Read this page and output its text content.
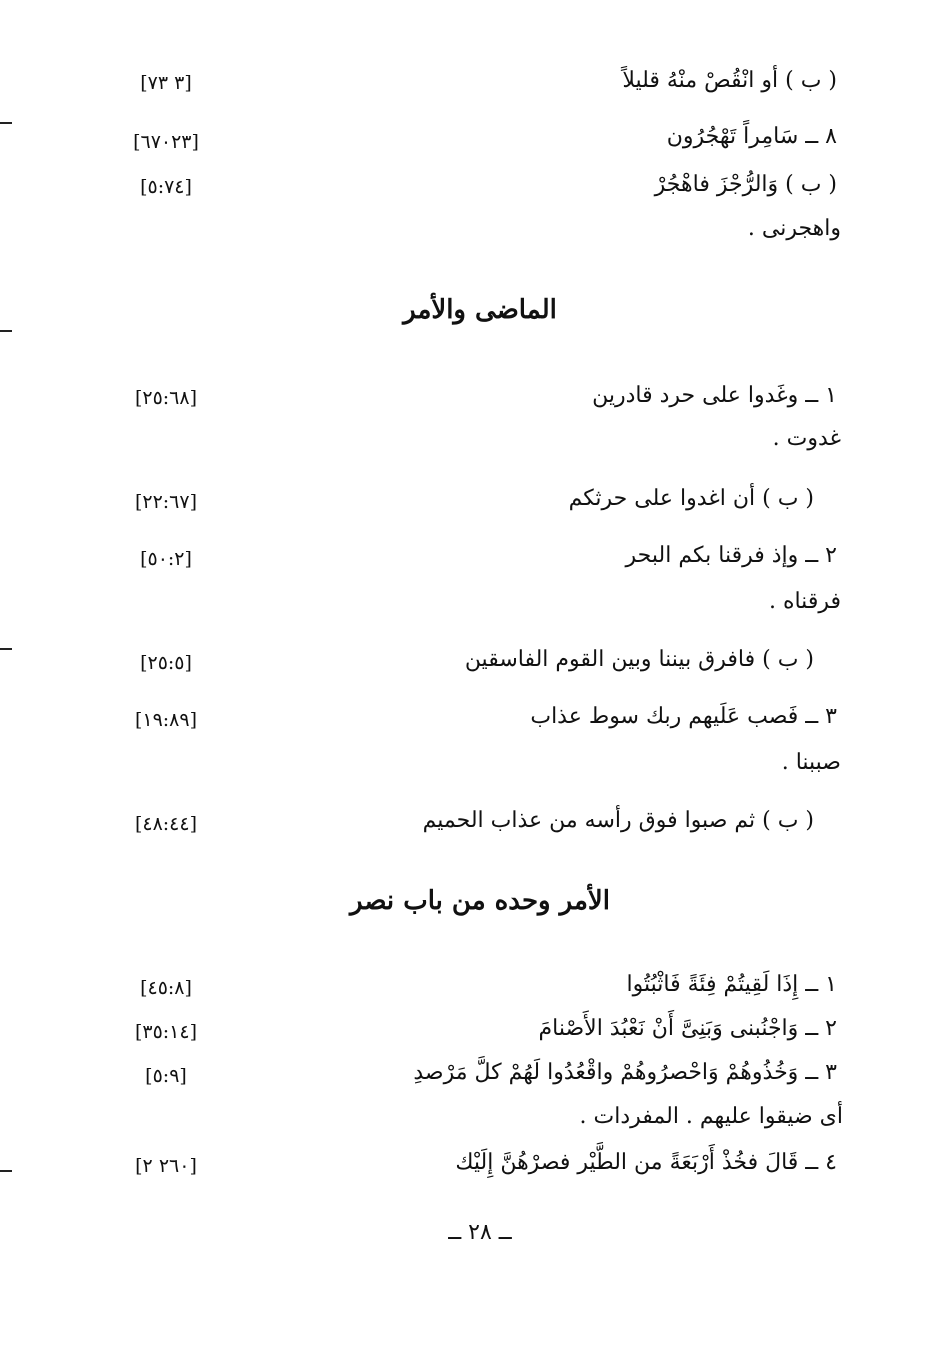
( ب ) أو انْقُصْ منْهُ قليلاً
[٣ ٧٣]
٨ ــ سَامِراً تَهْجُرُون
[٦٧٠٢٣]
( ب ) وَالرُّجْزَ فاهْجُرْ
[٥:٧٤]
واهجرنى .
الماضى والأمر
١ ــ وغَدوا على حرد قادرين
[٢٥:٦٨]
غدوت .
( ب ) أن اغدوا على حرثكم
[٢٢:٦٧]
٢ ــ وإذ فرقنا بكم البحر
[٥٠:٢]
فرقناه .
( ب ) فافرق بيننا وبين القوم الفاسقين
[٢٥:٥]
٣ ــ فَصب عَلَيهم ربك سوط عذاب
[١٩:٨٩]
صببنا .
( ب ) ثم صبوا فوق رأسه من عذاب الحميم
[٤٨:٤٤]
الأمر وحده من باب نصر
١ ــ إِذَا لَقِيتُمْ فِئَةً فَاثْبُتُوا
[٤٥:٨]
٢ ــ وَاجْنُبنى وَبَنِىَّ أَنْ نَعْبُدَ الأَصْنامَ
[٣٥:١٤]
٣ ــ وَخُذُوهُمْ وَاحْصرُوهُمْ واقْعُدُوا لَهُمْ كلَّ مَرْصدِ
[٥:٩]
أى ضيقوا عليهم . المفردات .
٤ ــ قَالَ فخُذْ أَرْبَعَةً من الطَّيْر فصرْهُنَّ إِلَيْك
[٢٦٠ ٢]
ــ ٢٨ ــ
